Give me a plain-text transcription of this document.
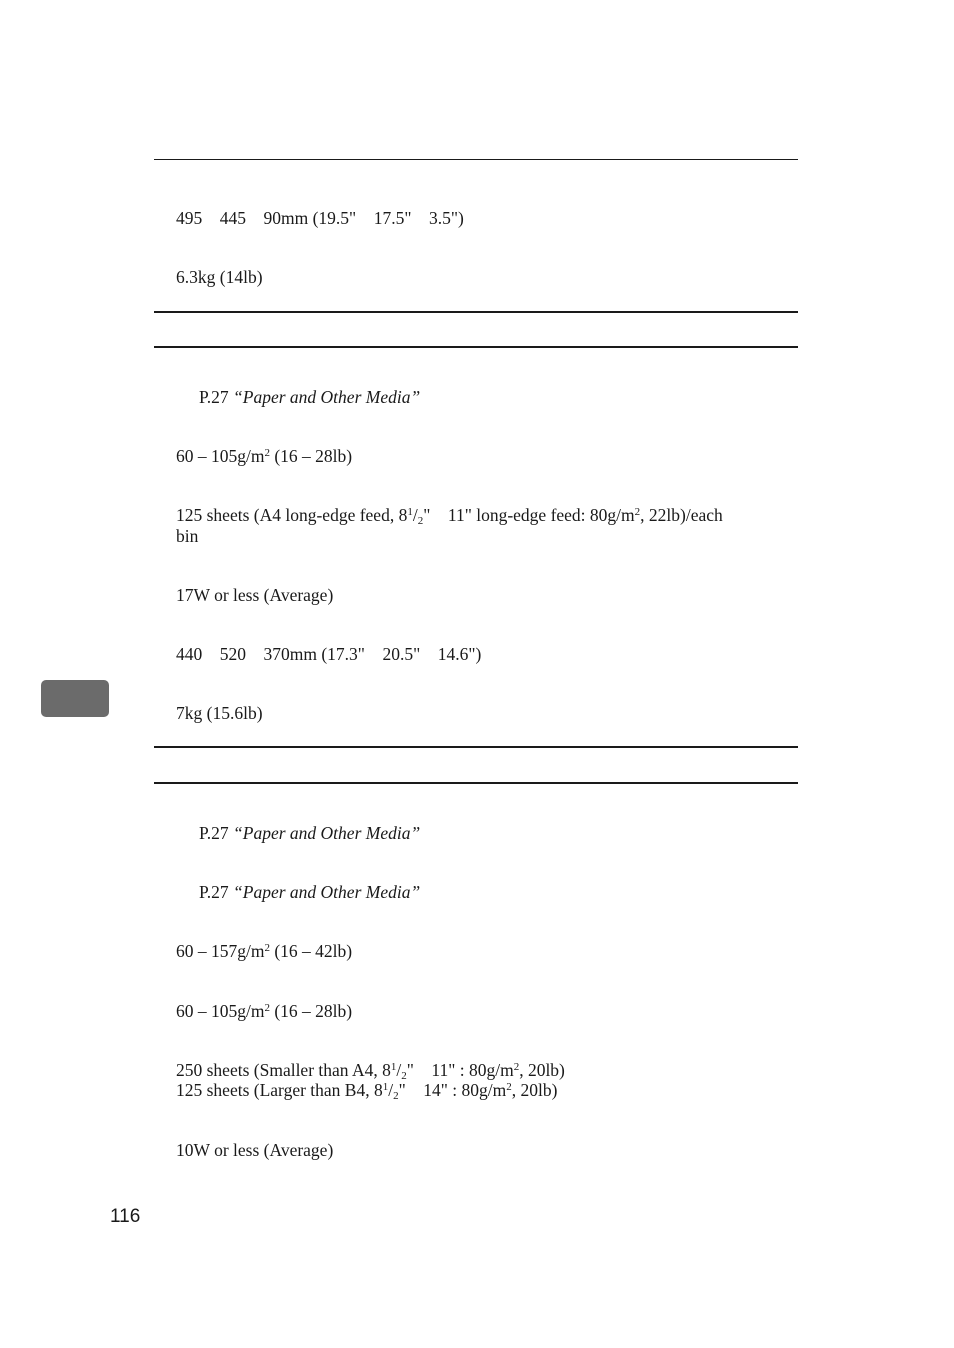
495    445    90mm (19.5"    17.5"    3.5")
6.3kg (14lb)
P.27 “Paper and Other Media”
$60 - 105g/m^2$ (16 – 28lb)
125 sheets (A4 long-edge feed, $8^1/_2$"    11" long-edge feed: $80g/m^2$, 22lb)/each
bin
17W or less (Average)
440    520    370mm (17.3"    20.5"    14.6")
7kg (15.6lb)
P.27 “Paper and Other Media”
P.27 “Paper and Other Media”
$60 - 157g/m^2$ (16 – 42lb)
$60 - 105g/m^2$ (16 – 28lb)
250 sheets (Smaller than A4, $8^1/_2$"    11" : $80g/m^2$, 20lb)
125 sheets (Larger than B4, $8^1/_2$"    14" : $80g/m^2$, 20lb)
10W or less (Average)
116
